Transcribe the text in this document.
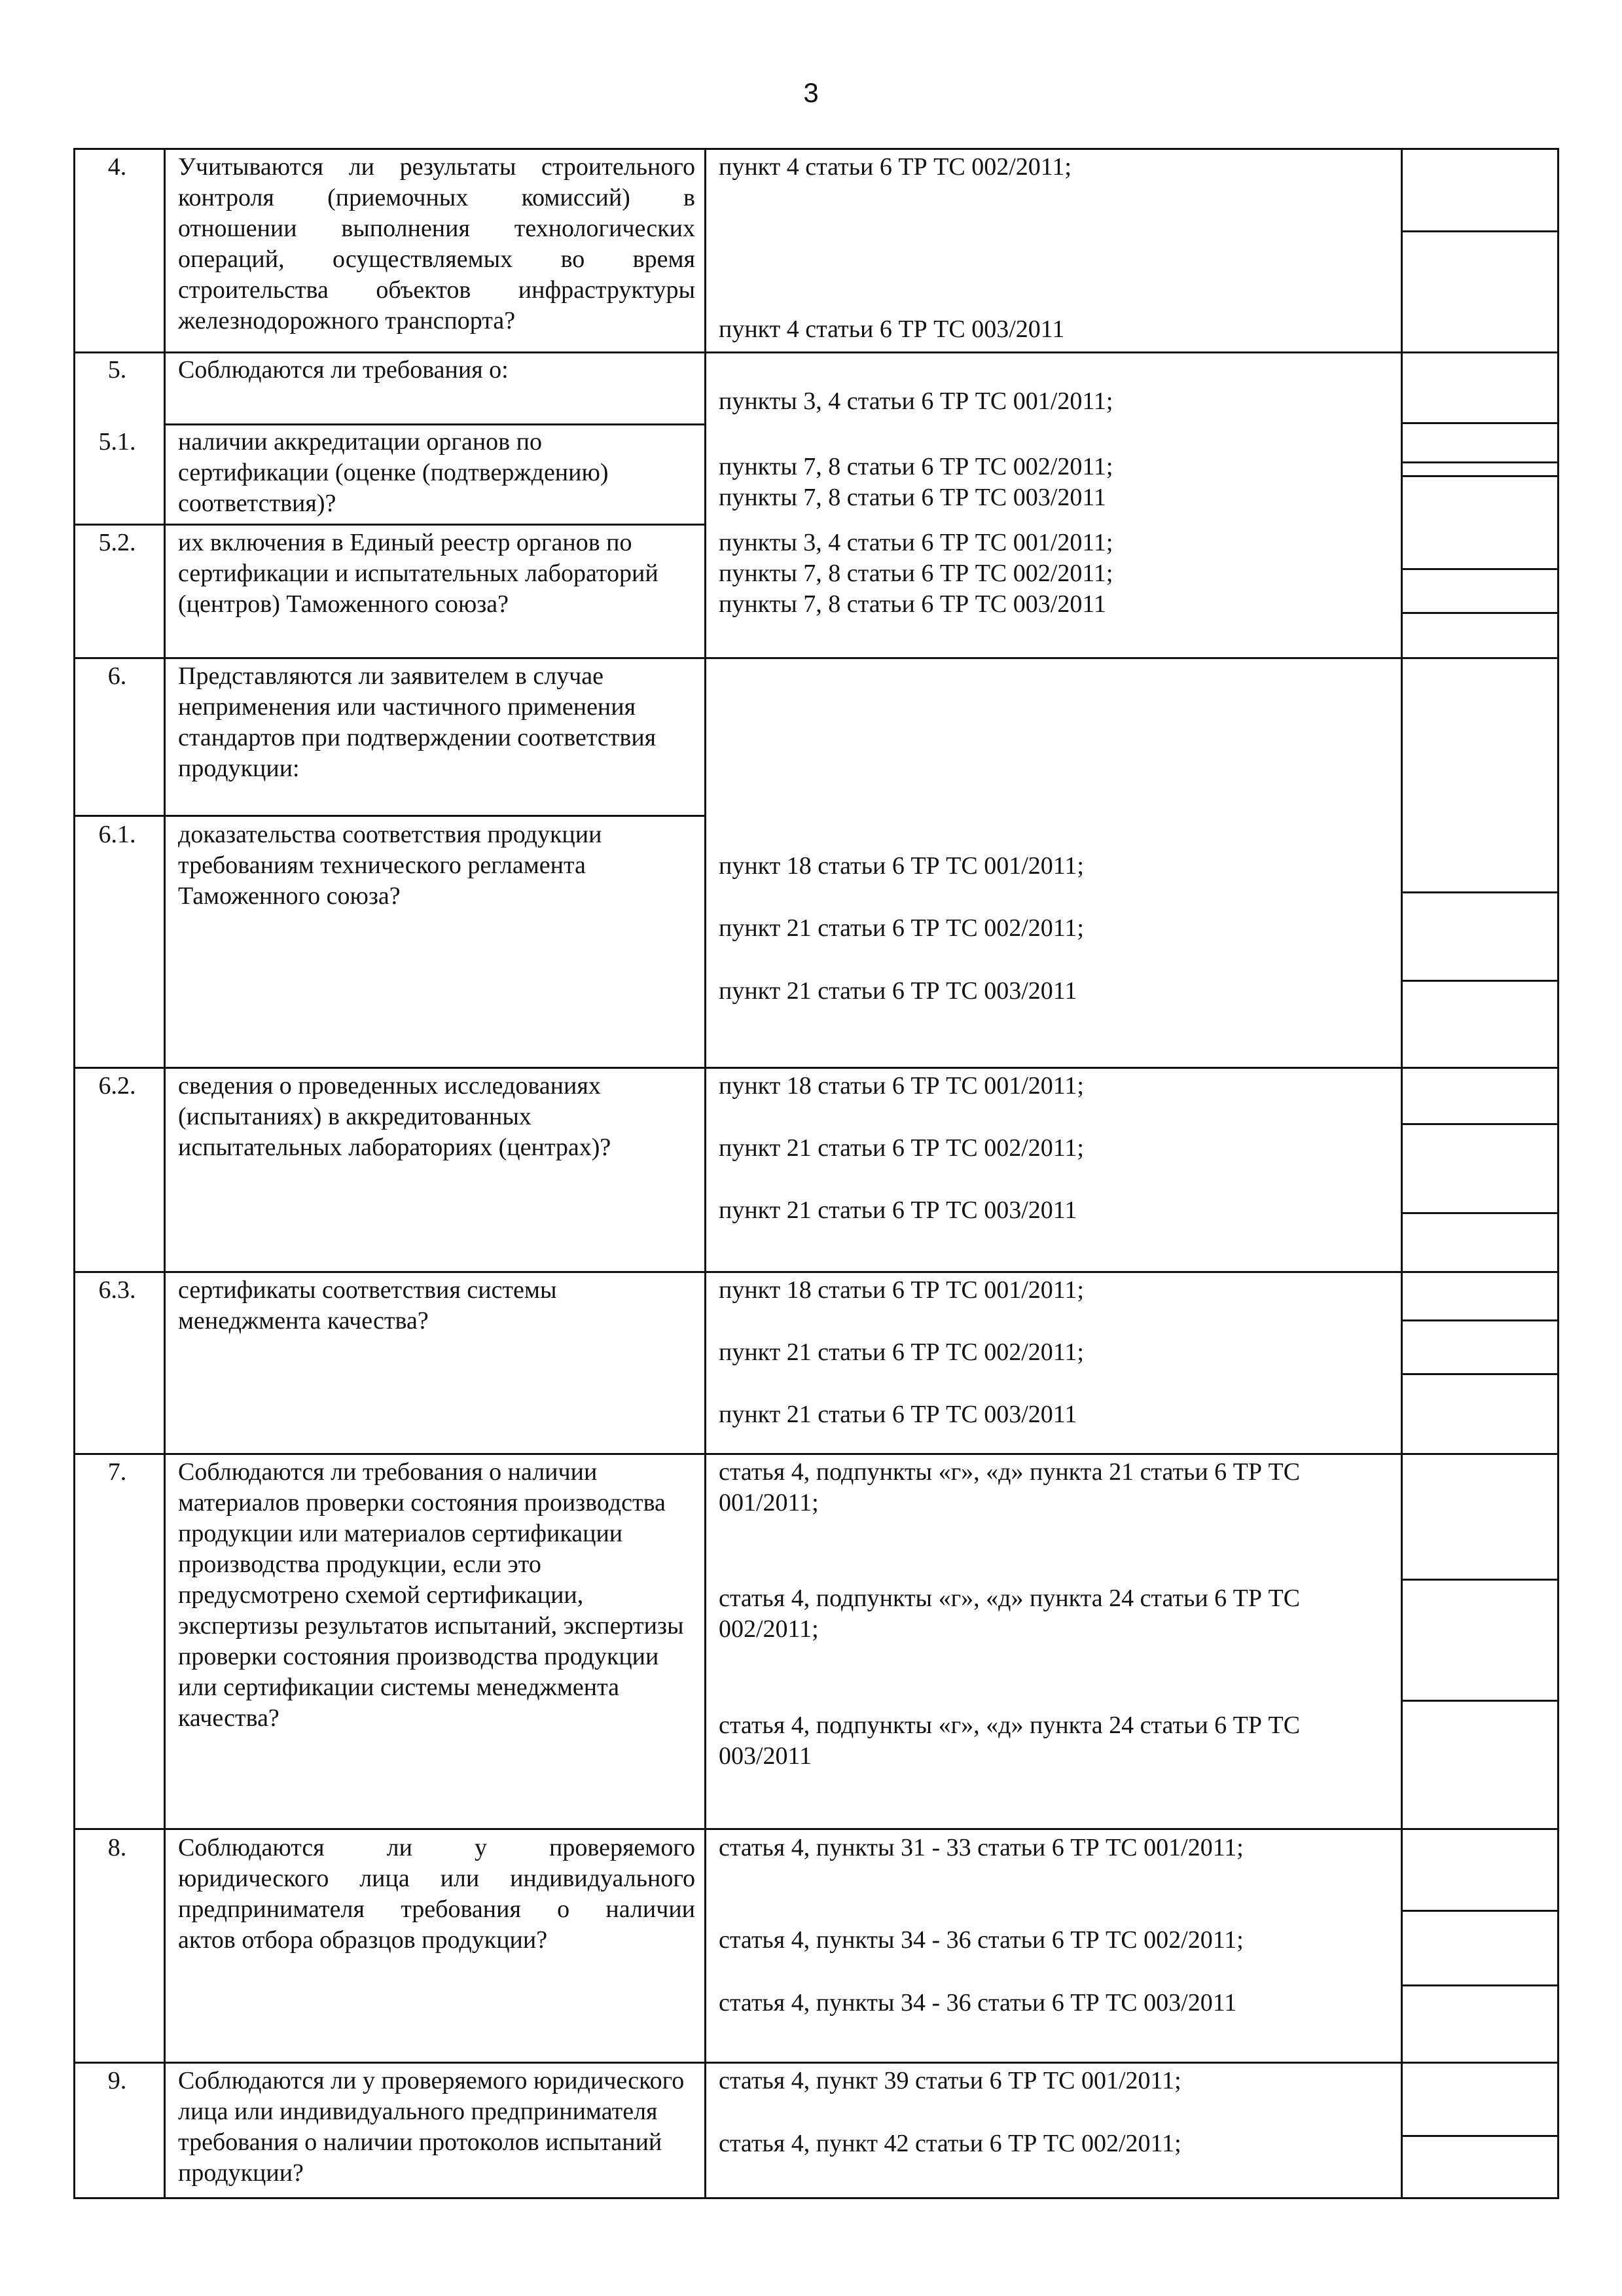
3
4.	Учитываются ли результаты строительного
контроля (приемочных комиссий) в
отношении выполнения технологических
операций, осуществляемых во время
строительства объектов инфраструктуры
железнодорожного транспорта?
пункт 4 статьи 6 ТР ТС 002/2011;
пункт 4 статьи 6 ТР ТС 003/2011
5.	Соблюдаются ли требования о:
пункты 3, 4 статьи 6 ТР ТС 001/2011;
5.1.	наличии аккредитации органов по сертификации (оценке (подтверждению) соответствия)?
пункты 7, 8 статьи 6 ТР ТС 002/2011;
пункты 7, 8 статьи 6 ТР ТС 003/2011
5.2.	их включения в Единый реестр органов по сертификации и испытательных лабораторий (центров) Таможенного союза?
пункты 3, 4 статьи 6 ТР ТС 001/2011;
пункты 7, 8 статьи 6 ТР ТС 002/2011;
пункты 7, 8 статьи 6 ТР ТС 003/2011
6.	Представляются ли заявителем в случае неприменения или частичного применения стандартов при подтверждении соответствия продукции:
6.1.	доказательства соответствия продукции требованиям технического регламента Таможенного союза?
пункт 18 статьи 6 ТР ТС 001/2011;
пункт 21 статьи 6 ТР ТС 002/2011;
пункт 21 статьи 6 ТР ТС 003/2011
6.2.	сведения о проведенных исследованиях (испытаниях) в аккредитованных испытательных лабораториях (центрах)?
пункт 18 статьи 6 ТР ТС 001/2011;
пункт 21 статьи 6 ТР ТС 002/2011;
пункт 21 статьи 6 ТР ТС 003/2011
6.3.	сертификаты соответствия системы менеджмента качества?
пункт 18 статьи 6 ТР ТС 001/2011;
пункт 21 статьи 6 ТР ТС 002/2011;
пункт 21 статьи 6 ТР ТС 003/2011
7.	Соблюдаются ли требования о наличии материалов проверки состояния производства продукции или материалов сертификации производства продукции, если это предусмотрено схемой сертификации, экспертизы результатов испытаний, экспертизы проверки состояния производства продукции или сертификации системы менеджмента качества?
статья 4, подпункты «г», «д» пункта 21 статьи 6 ТР ТС 001/2011;
статья 4, подпункты «г», «д» пункта 24 статьи 6 ТР ТС 002/2011;
статья 4, подпункты «г», «д» пункта 24 статьи 6 ТР ТС 003/2011
8.	Соблюдаются ли у проверяемого
юридического лица или индивидуального
предпринимателя требования о наличии
актов отбора образцов продукции?
статья 4, пункты 31 - 33 статьи 6 ТР ТС 001/2011;
статья 4, пункты 34 - 36 статьи 6 ТР ТС 002/2011;
статья 4, пункты 34 - 36 статьи 6 ТР ТС 003/2011
9.	Соблюдаются ли у проверяемого юридического лица или индивидуального предпринимателя требования о наличии протоколов испытаний продукции?
статья 4, пункт 39 статьи 6 ТР ТС 001/2011;
статья 4, пункт 42 статьи 6 ТР ТС 002/2011;
